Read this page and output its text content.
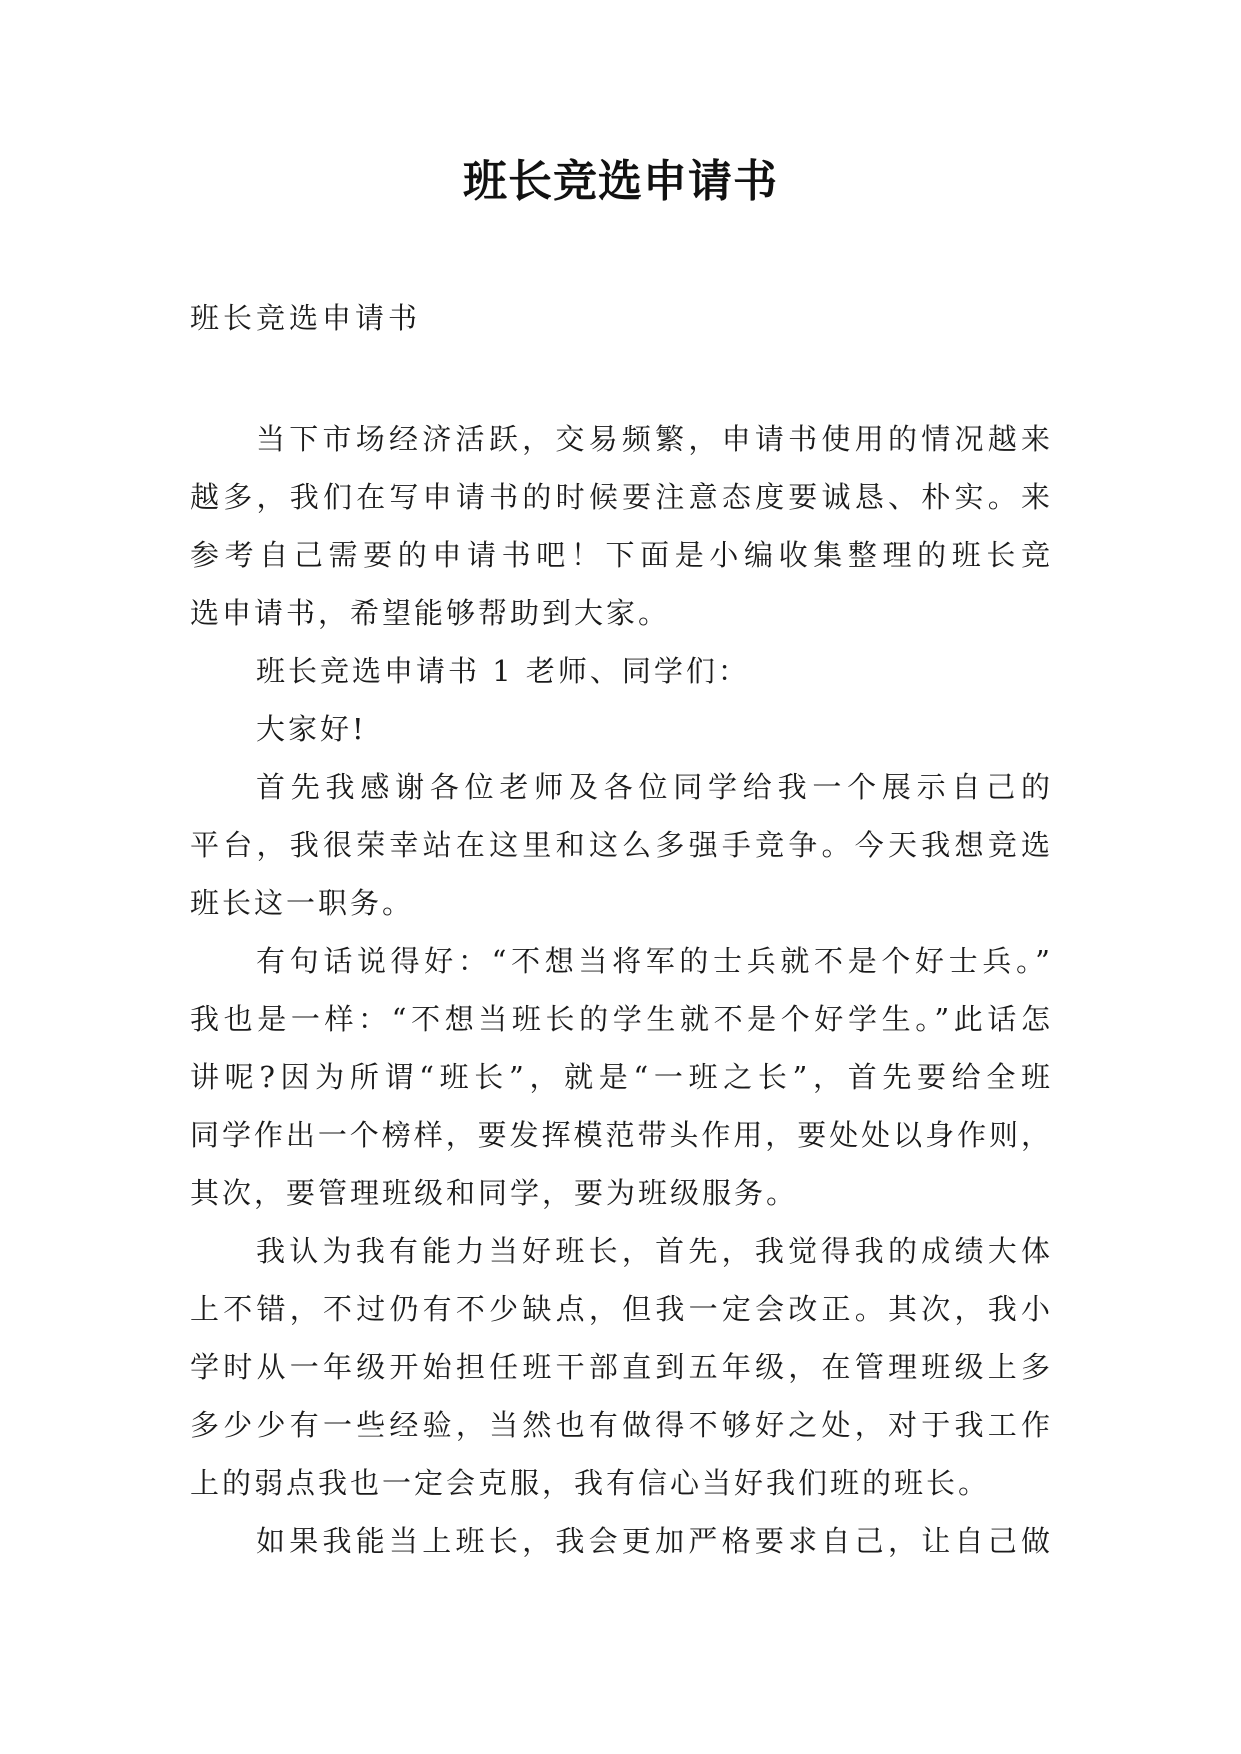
班长竞选申请书
班长竞选申请书
当下市场经济活跃，交易频繁，申请书使用的情况越来
越多，我们在写申请书的时候要注意态度要诚恳、朴实。来
参考自己需要的申请书吧！下面是小编收集整理的班长竞
选申请书，希望能够帮助到大家。
班长竞选申请书 1 老师、同学们：
大家好!
首先我感谢各位老师及各位同学给我一个展示自己的
平台，我很荣幸站在这里和这么多强手竞争。今天我想竞选
班长这一职务。
有句话说得好：“不想当将军的士兵就不是个好士兵。”
我也是一样：“不想当班长的学生就不是个好学生。”此话怎
讲呢?因为所谓“班长”，就是“一班之长”，首先要给全班
同学作出一个榜样，要发挥模范带头作用，要处处以身作则，
其次，要管理班级和同学，要为班级服务。
我认为我有能力当好班长，首先，我觉得我的成绩大体
上不错，不过仍有不少缺点，但我一定会改正。其次，我小
学时从一年级开始担任班干部直到五年级，在管理班级上多
多少少有一些经验，当然也有做得不够好之处，对于我工作
上的弱点我也一定会克服，我有信心当好我们班的班长。
如果我能当上班长，我会更加严格要求自己，让自己做
